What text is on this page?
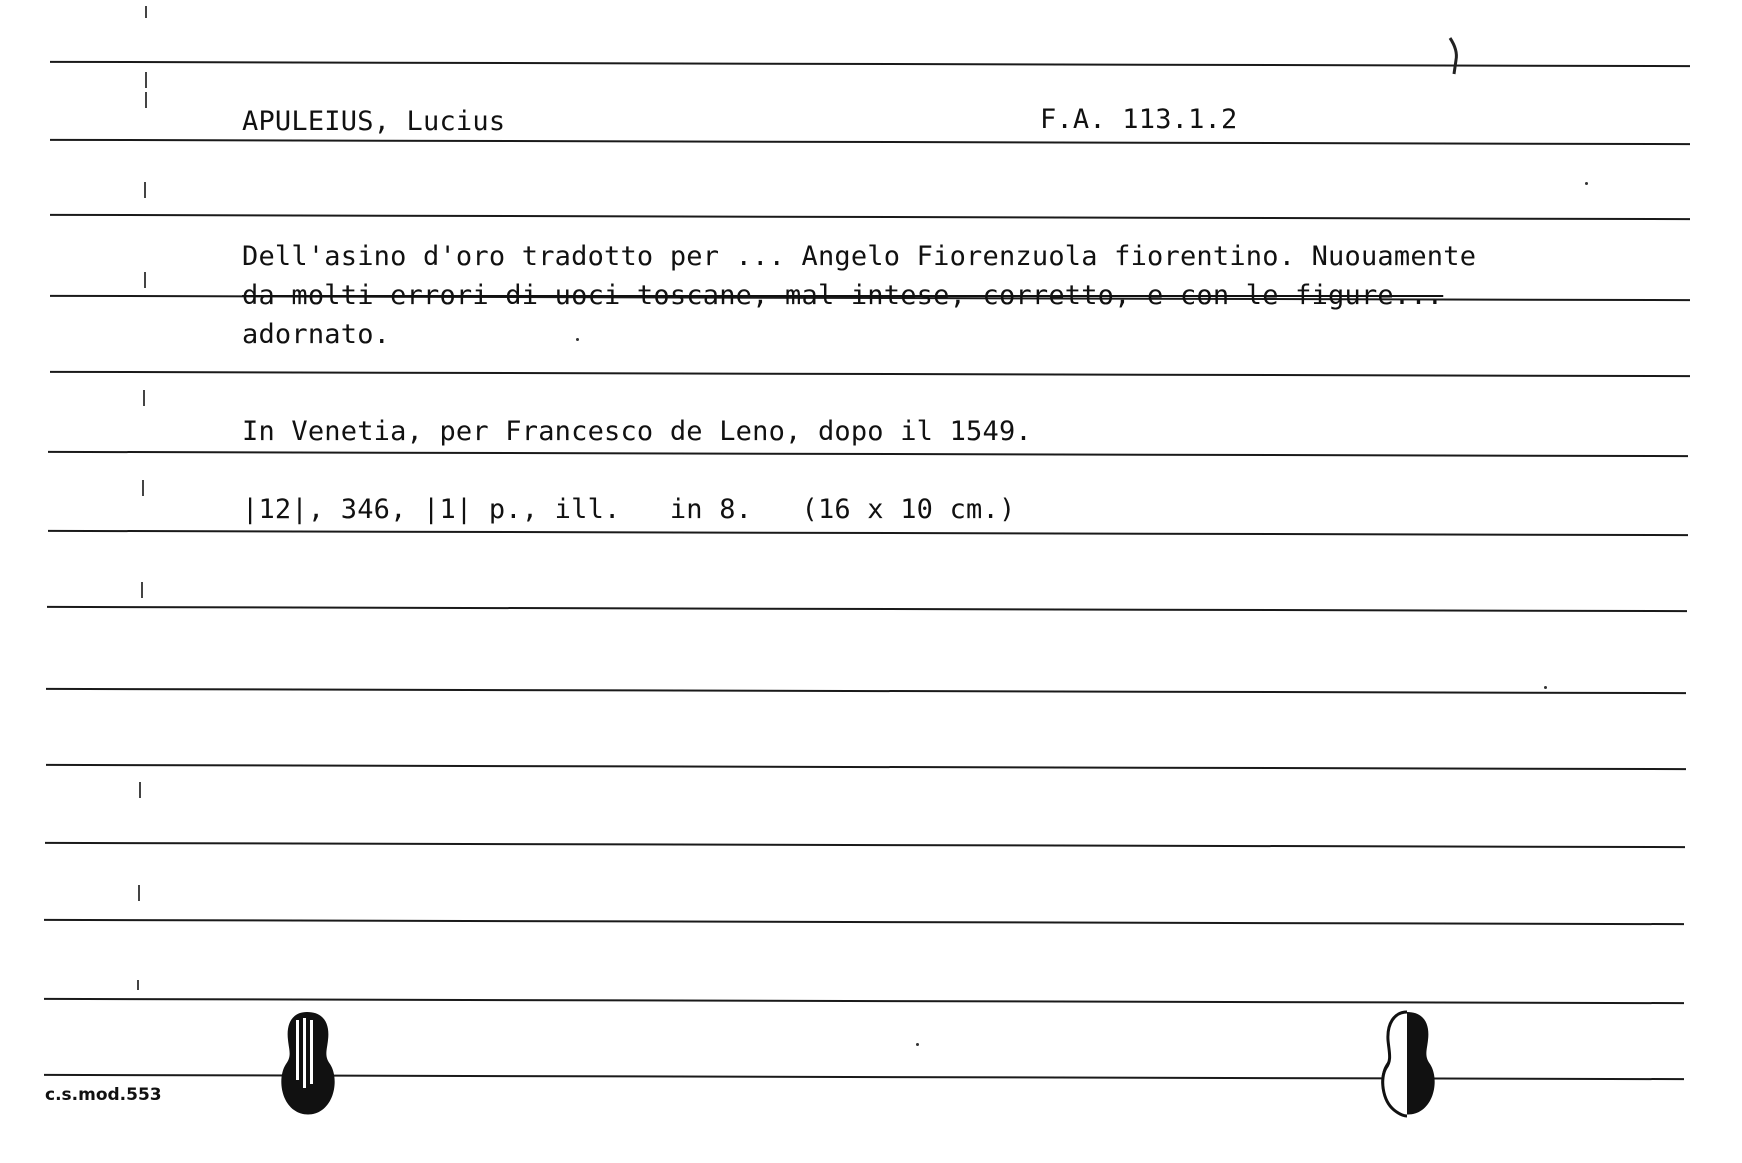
APULEIUS, Lucius	F.A. 113.1.2
Dell'asino d'oro tradotto per ... Angelo Fiorenzuola fiorentino. Nuouamente
da molti errori di uoci toscane, mal intese, corretto, e con le figure...
adornato.
In Venetia, per Francesco de Leno, dopo il 1549.
|12|, 346, |1| p., ill.   in 8.   (16 x 10 cm.)
c.s.mod.553
